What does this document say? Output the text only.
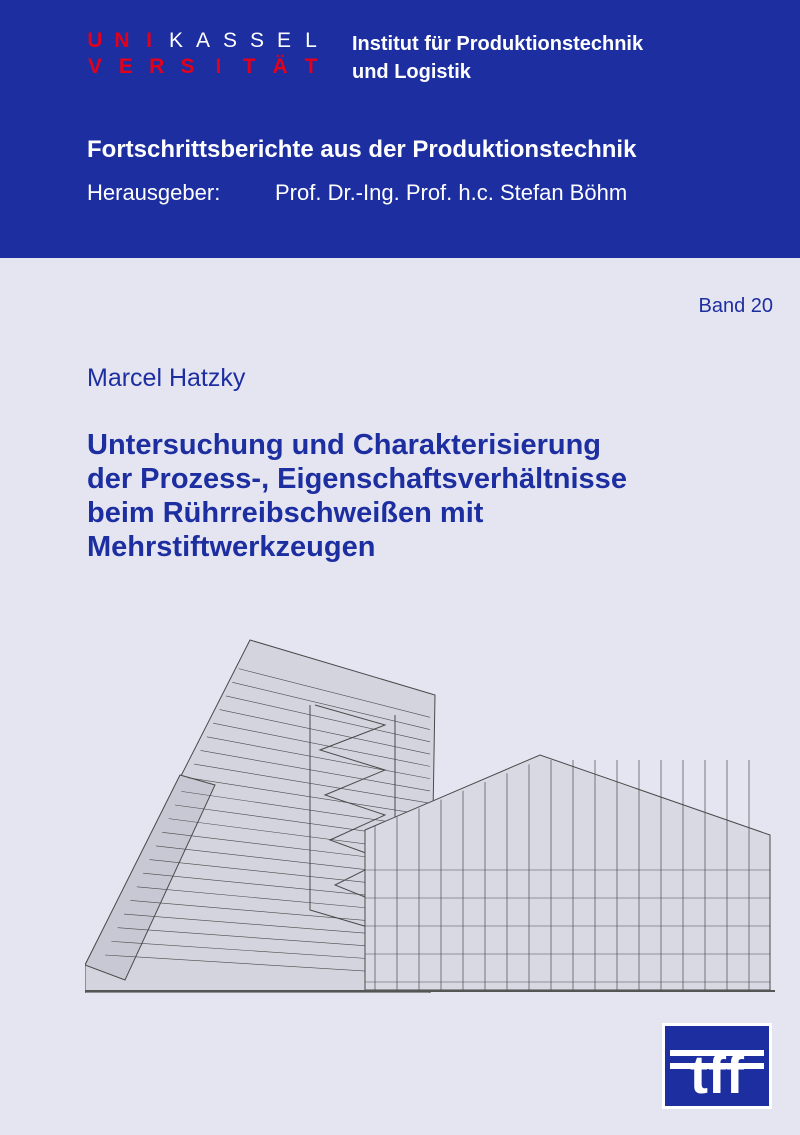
U N I K A S S E L
V E R S I T Ä T
Institut für Produktionstechnik
und Logistik
Fortschrittsberichte aus der Produktionstechnik
Herausgeber: Prof. Dr.-Ing. Prof. h.c. Stefan Böhm
Band 20
Marcel Hatzky
Untersuchung und Charakterisierung
der Prozess-, Eigenschaftsverhältnisse
beim Rührreibschweißen mit
Mehrstiftwerkzeugen
tff
